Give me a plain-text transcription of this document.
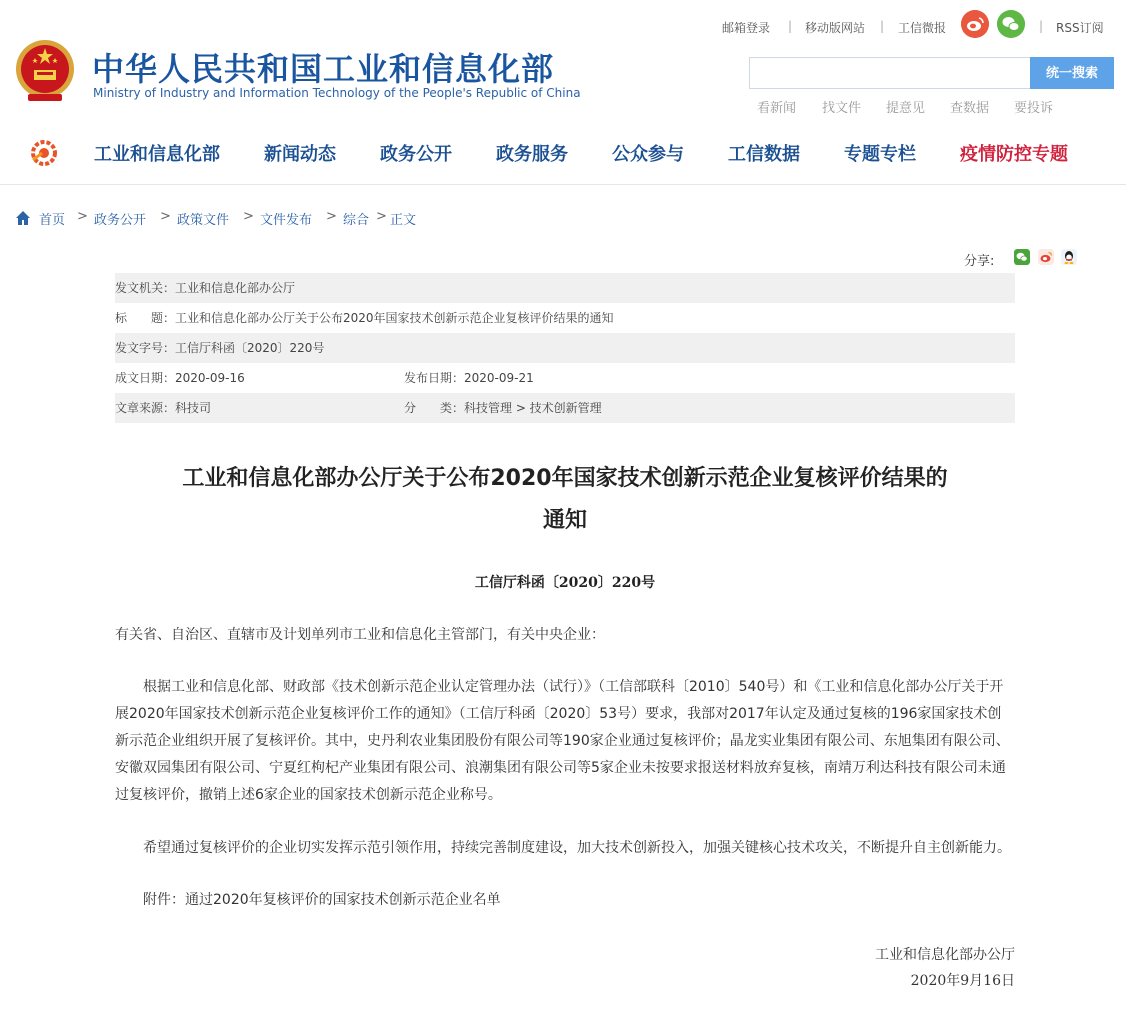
中华人民共和国工业和信息化部
Ministry of Industry and Information Technology of the People's Republic of China
邮箱登录 | 移动版网站 | 工信微报	| RSS订阅
统一搜索
看新闻 找文件 提意见 查数据 要投诉
工业和信息化部 新闻动态 政务公开 政务服务 公众参与 工信数据 专题专栏 疫情防控专题
首页 > 政务公开 > 政策文件 > 文件发布 > 综合 > 正文
分享:
发文机关：工业和信息化部办公厅
标　　题：工业和信息化部办公厅关于公布2020年国家技术创新示范企业复核评价结果的通知
发文字号：工信厅科函〔2020〕220号
成文日期：2020-09-16	发布日期：2020-09-21
文章来源：科技司	分　　类：科技管理 > 技术创新管理
工业和信息化部办公厅关于公布2020年国家技术创新示范企业复核评价结果的
通知
工信厅科函〔2020〕220号

有关省、自治区、直辖市及计划单列市工业和信息化主管部门，有关中央企业：

根据工业和信息化部、财政部《技术创新示范企业认定管理办法（试行）》（工信部联科〔2010〕540号）和《工业和信息化部办公厅关于开展2020年国家技术创新示范企业复核评价工作的通知》（工信厅科函〔2020〕53号）要求，我部对2017年认定及通过复核的196家国家技术创新示范企业组织开展了复核评价。其中，史丹利农业集团股份有限公司等190家企业通过复核评价；晶龙实业集团有限公司、东旭集团有限公司、安徽双园集团有限公司、宁夏红枸杞产业集团有限公司、浪潮集团有限公司等5家企业未按要求报送材料放弃复核，南靖万利达科技有限公司未通过复核评价，撤销上述6家企业的国家技术创新示范企业称号。

希望通过复核评价的企业切实发挥示范引领作用，持续完善制度建设，加大技术创新投入，加强关键核心技术攻关，不断提升自主创新能力。

附件：通过2020年复核评价的国家技术创新示范企业名单

工业和信息化部办公厅
2020年9月16日
